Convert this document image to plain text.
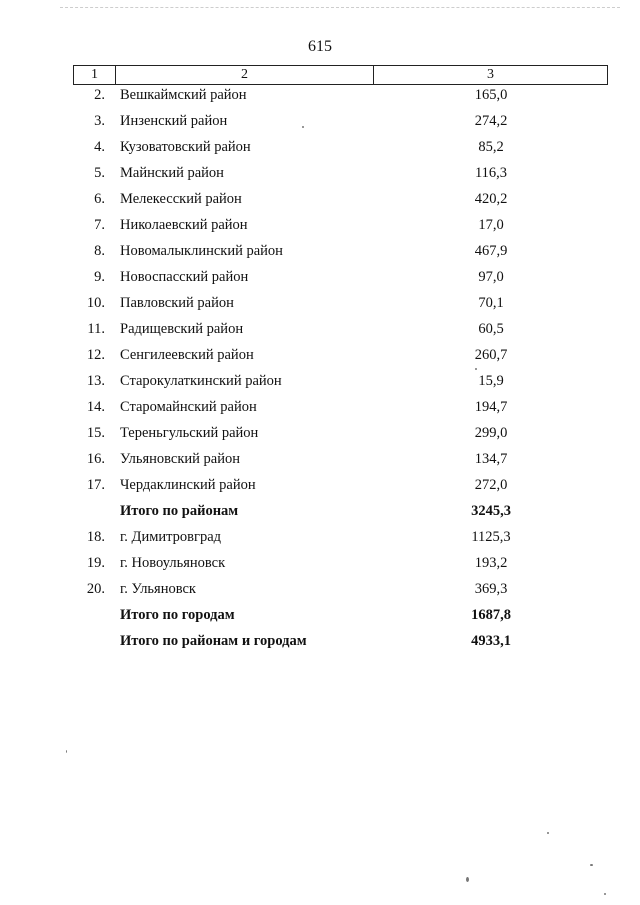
615
1	2	3
2. Вешкаймский район	165,0
3. Инзенский район	274,2
4. Кузоватовский район	85,2
5. Майнский район	116,3
6. Мелекесский район	420,2
7. Николаевский район	17,0
8. Новомалыклинский район	467,9
9. Новоспасский район	97,0
10. Павловский район	70,1
11. Радищевский район	60,5
12. Сенгилеевский район	260,7
13. Старокулаткинский район	15,9
14. Старомайнский район	194,7
15. Тереньгульский район	299,0
16. Ульяновский район	134,7
17. Чердаклинский район	272,0
Итого по районам	3245,3
18. г. Димитровград	1125,3
19. г. Новоульяновск	193,2
20. г. Ульяновск	369,3
Итого по городам	1687,8
Итого по районам и городам	4933,1
